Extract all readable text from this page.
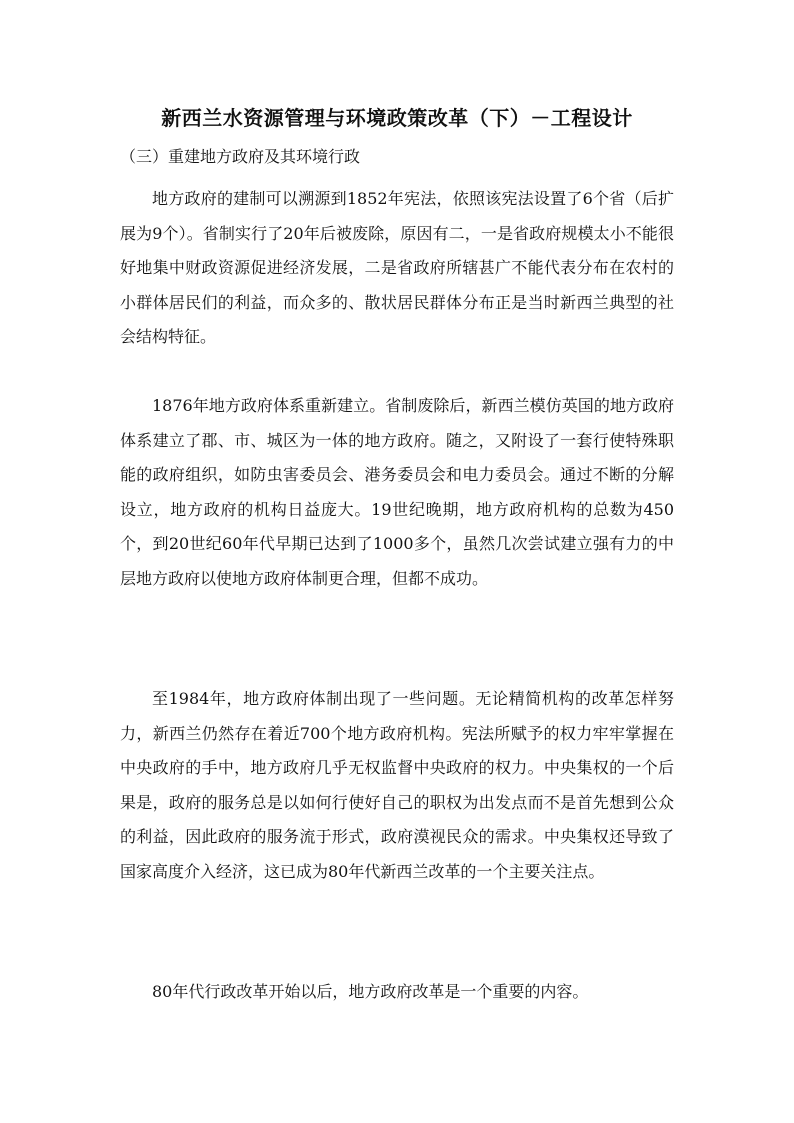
新西兰水资源管理与环境政策改革（下）－工程设计
（三）重建地方政府及其环境行政

地方政府的建制可以溯源到1852年宪法，依照该宪法设置了6个省（后扩展为9个）。省制实行了20年后被废除，原因有二，一是省政府规模太小不能很好地集中财政资源促进经济发展，二是省政府所辖甚广不能代表分布在农村的小群体居民们的利益，而众多的、散状居民群体分布正是当时新西兰典型的社会结构特征。

1876年地方政府体系重新建立。省制废除后，新西兰模仿英国的地方政府体系建立了郡、市、城区为一体的地方政府。随之，又附设了一套行使特殊职能的政府组织，如防虫害委员会、港务委员会和电力委员会。通过不断的分解设立，地方政府的机构日益庞大。19世纪晚期，地方政府机构的总数为450个，到20世纪60年代早期已达到了1000多个，虽然几次尝试建立强有力的中层地方政府以使地方政府体制更合理，但都不成功。

至1984年，地方政府体制出现了一些问题。无论精简机构的改革怎样努力，新西兰仍然存在着近700个地方政府机构。宪法所赋予的权力牢牢掌握在中央政府的手中，地方政府几乎无权监督中央政府的权力。中央集权的一个后果是，政府的服务总是以如何行使好自己的职权为出发点而不是首先想到公众的利益，因此政府的服务流于形式，政府漠视民众的需求。中央集权还导致了国家高度介入经济，这已成为80年代新西兰改革的一个主要关注点。

80年代行政改革开始以后，地方政府改革是一个重要的内容。
